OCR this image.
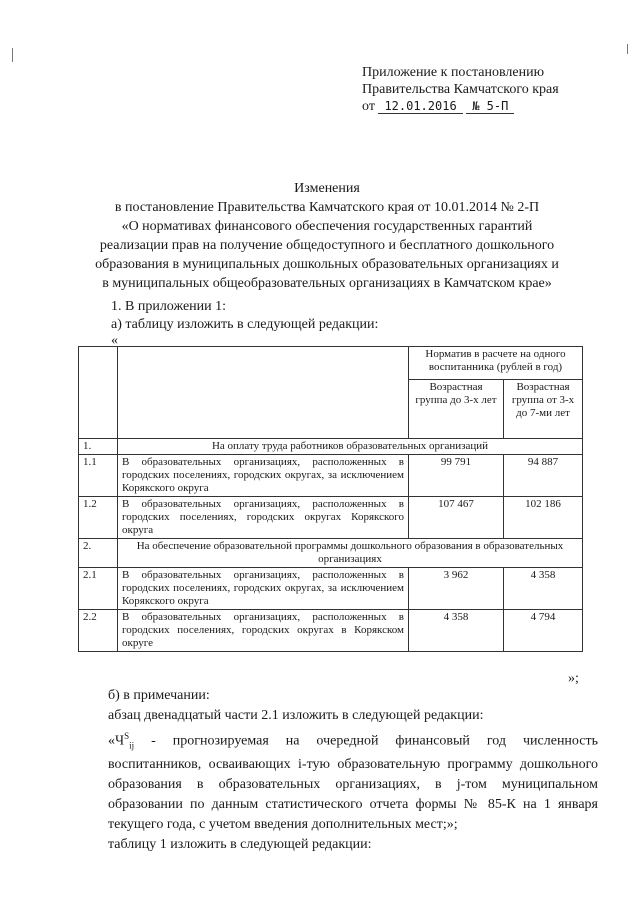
Приложение к постановлению
Правительства Камчатского края
от 12.01.2016 № 5-П
Изменения
в постановление Правительства Камчатского края от 10.01.2014 № 2-П
«О нормативах финансового обеспечения государственных гарантий
реализации прав на получение общедоступного и бесплатного дошкольного
образования в муниципальных дошкольных образовательных организациях и
в муниципальных общеобразовательных организациях в Камчатском крае»
1. В приложении 1:
а) таблицу изложить в следующей редакции:
«
		Норматив в расчете на одного воспитанника (рублей в год)	
		Возрастная группа до 3-х лет	Возрастная группа от 3-х до 7-ми лет
1.	На оплату труда работников образовательных организаций		
1.1	В образовательных организациях, расположенных в городских поселениях, городских округах, за исключением Корякского округа	99 791	94 887
1.2	В образовательных организациях, расположенных в городских поселениях, городских округах Корякского округа	107 467	102 186
2.	На обеспечение образовательной программы дошкольного образования в образовательных организациях		
2.1	В образовательных организациях, расположенных в городских поселениях, городских округах, за исключением Корякского округа	3 962	4 358
2.2	В образовательных организациях, расположенных в городских поселениях, городских округах в Корякском округе	4 358	4 794
»;
б) в примечании:
абзац двенадцатый части 2.1 изложить в следующей редакции:
«$Ч^S_{ij}$ - прогнозируемая на очередной финансовый год численность воспитанников, осваивающих i-тую образовательную программу дошкольного образования в образовательных организациях, в j-том муниципальном образовании по данным статистического отчета формы № 85-К на 1 января текущего года, с учетом введения дополнительных мест;»;
таблицу 1 изложить в следующей редакции:
